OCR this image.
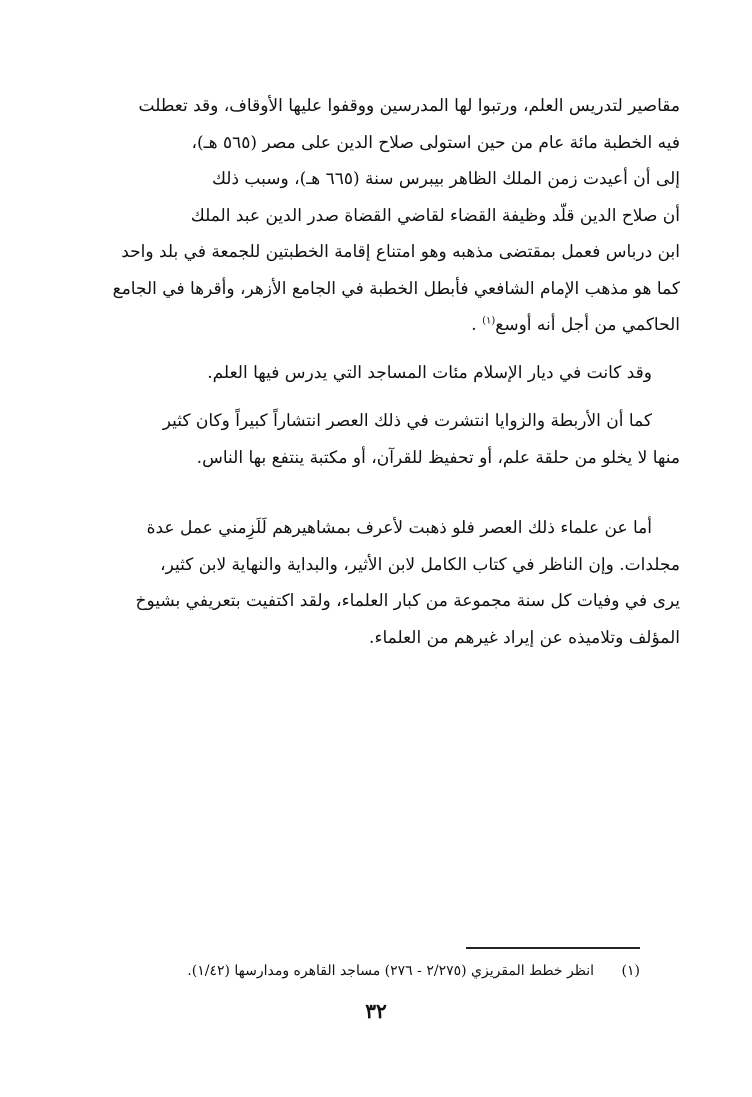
مقاصير لتدريس العلم، ورتبوا لها المدرسين ووقفوا عليها الأوقاف، وقد تعطلت
فيه الخطبة مائة عام من حين استولى صلاح الدين على مصر (٥٦٥ هـ)،
إلى أن أعيدت زمن الملك الظاهر بيبرس سنة (٦٦٥ هـ)، وسبب ذلك
أن صلاح الدين قلّد وظيفة القضاء لقاضي القضاة صدر الدين عبد الملك
ابن درباس فعمل بمقتضى مذهبه وهو امتناع إقامة الخطبتين للجمعة في بلد واحد
كما هو مذهب الإمام الشافعي فأبطل الخطبة في الجامع الأزهر، وأقرها في الجامع
الحاكمي من أجل أنه أوسع$^{(١)}$ .
وقد كانت في ديار الإسلام مئات المساجد التي يدرس فيها العلم.
كما أن الأربطة والزوايا انتشرت في ذلك العصر انتشاراً كبيراً وكان كثير
منها لا يخلو من حلقة علم، أو تحفيظ للقرآن، أو مكتبة ينتفع بها الناس.
أما عن علماء ذلك العصر فلو ذهبت لأعرف بمشاهيرهم لَلَزِمني عمل عدة
مجلدات. وإن الناظر في كتاب الكامل لابن الأثير، والبداية والنهاية لابن كثير،
يرى في وفيات كل سنة مجموعة من كبار العلماء، ولقد اكتفيت بتعريفي بشيوخ
المؤلف وتلاميذه عن إيراد غيرهم من العلماء.
(١)انظر خطط المقريزي (٢/٢٧٥ - ٢٧٦) مساجد القاهره ومدارسها (١/٤٢).
٣٢
